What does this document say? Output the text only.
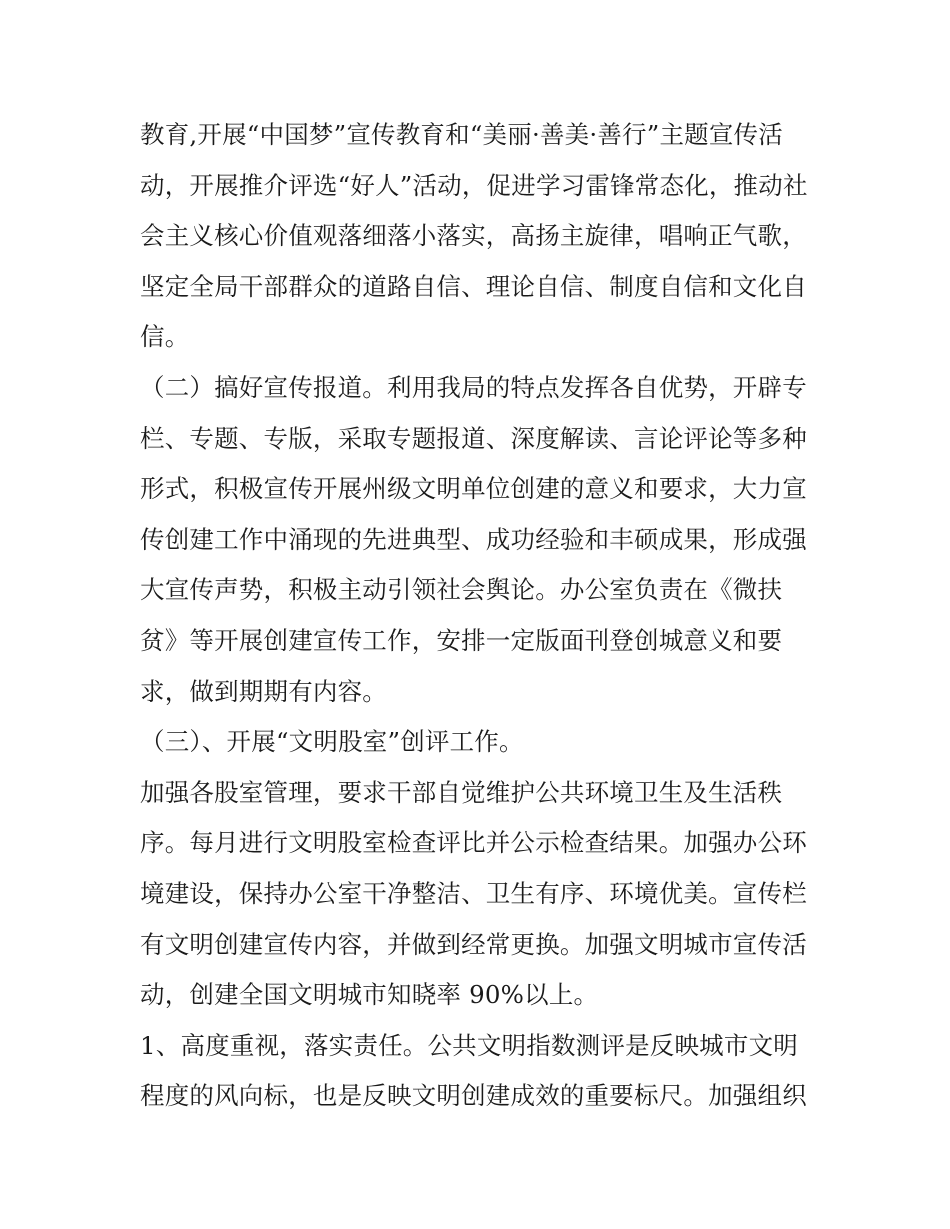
教育,开展“中国梦”宣传教育和“美丽·善美·善行”主题宣传活
动，开展推介评选“好人”活动，促进学习雷锋常态化，推动社
会主义核心价值观落细落小落实，高扬主旋律，唱响正气歌，
坚定全局干部群众的道路自信、理论自信、制度自信和文化自
信。
（二）搞好宣传报道。利用我局的特点发挥各自优势，开辟专
栏、专题、专版，采取专题报道、深度解读、言论评论等多种
形式，积极宣传开展州级文明单位创建的意义和要求，大力宣
传创建工作中涌现的先进典型、成功经验和丰硕成果，形成强
大宣传声势，积极主动引领社会舆论。办公室负责在《微扶
贫》等开展创建宣传工作，安排一定版面刊登创城意义和要
求，做到期期有内容。
（三）、开展“文明股室”创评工作。
加强各股室管理，要求干部自觉维护公共环境卫生及生活秩
序。每月进行文明股室检查评比并公示检查结果。加强办公环
境建设，保持办公室干净整洁、卫生有序、环境优美。宣传栏
有文明创建宣传内容，并做到经常更换。加强文明城市宣传活
动，创建全国文明城市知晓率 90%以上。
1、高度重视，落实责任。公共文明指数测评是反映城市文明
程度的风向标，也是反映文明创建成效的重要标尺。加强组织
